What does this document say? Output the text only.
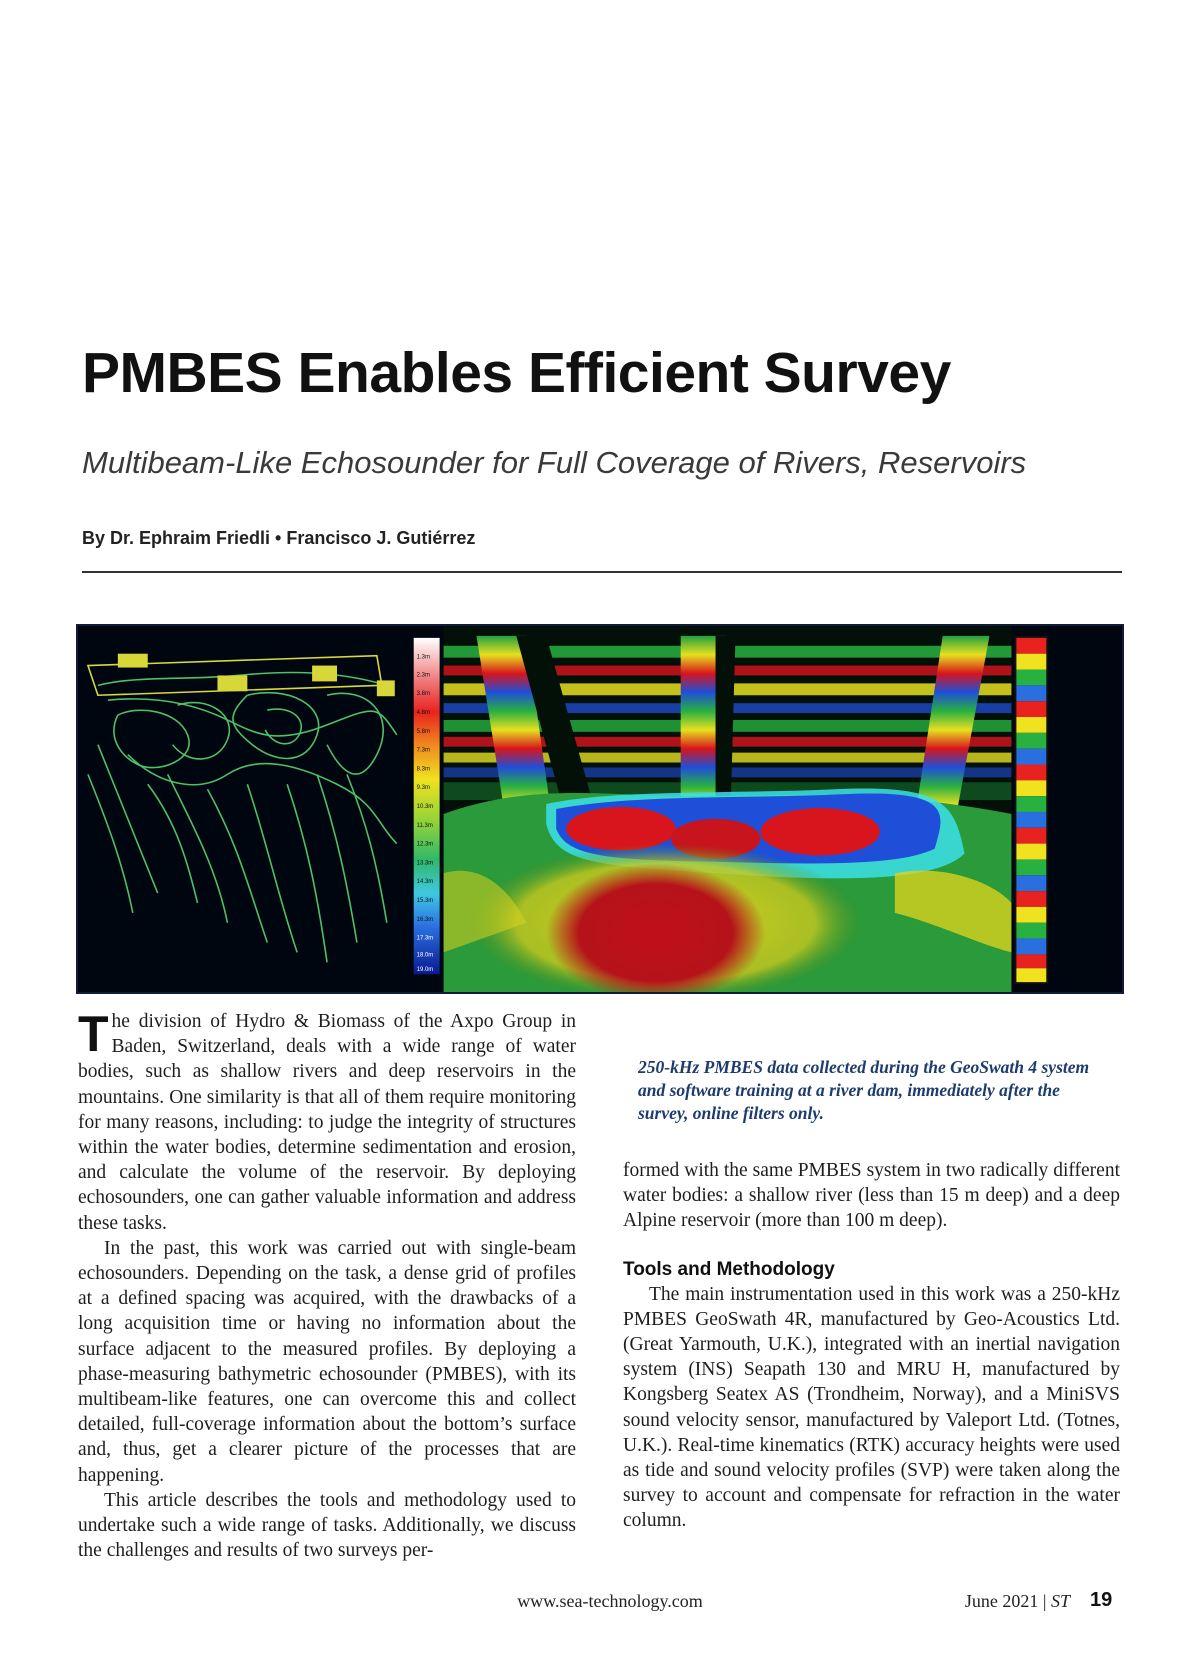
PMBES Enables Efficient Survey
Multibeam-Like Echosounder for Full Coverage of Rivers, Reservoirs
By Dr. Ephraim Friedli • Francisco J. Gutiérrez
1.3m
2.3m
3.8m
4.8m
5.8m
7.3m
8.3m
9.3m
10.3m
11.3m
12.3m
13.3m
14.3m
15.3m
16.3m
17.3m
18.0m
19.0m

The division of Hydro & Biomass of the Axpo Group in Baden, Switzerland, deals with a wide range of water bodies, such as shallow rivers and deep reservoirs in the mountains. One similarity is that all of them require monitoring for many reasons, including: to judge the integrity of structures within the water bodies, determine sedimentation and erosion, and calculate the volume of the reservoir. By deploying echosounders, one can gather valuable information and address these tasks.

In the past, this work was carried out with single-beam echosounders. Depending on the task, a dense grid of profiles at a defined spacing was acquired, with the drawbacks of a long acquisition time or having no information about the surface adjacent to the measured profiles. By deploying a phase-measuring bathymetric echosounder (PMBES), with its multibeam-like features, one can overcome this and collect detailed, full-coverage information about the bottom’s surface and, thus, get a clearer picture of the processes that are happening.

This article describes the tools and methodology used to undertake such a wide range of tasks. Additionally, we discuss the challenges and results of two surveys per-

250-kHz PMBES data collected during the GeoSwath 4 system and software training at a river dam, immediately after the survey, online filters only.

formed with the same PMBES system in two radically different water bodies: a shallow river (less than 15 m deep) and a deep Alpine reservoir (more than 100 m deep).

Tools and Methodology

The main instrumentation used in this work was a 250-kHz PMBES GeoSwath 4R, manufactured by Geo-Acoustics Ltd. (Great Yarmouth, U.K.), integrated with an inertial navigation system (INS) Seapath 130 and MRU H, manufactured by Kongsberg Seatex AS (Trondheim, Norway), and a MiniSVS sound velocity sensor, manufactured by Valeport Ltd. (Totnes, U.K.). Real-time kinematics (RTK) accuracy heights were used as tide and sound velocity profiles (SVP) were taken along the survey to account and compensate for refraction in the water column.

www.sea-technology.com	June 2021 | ST 19
